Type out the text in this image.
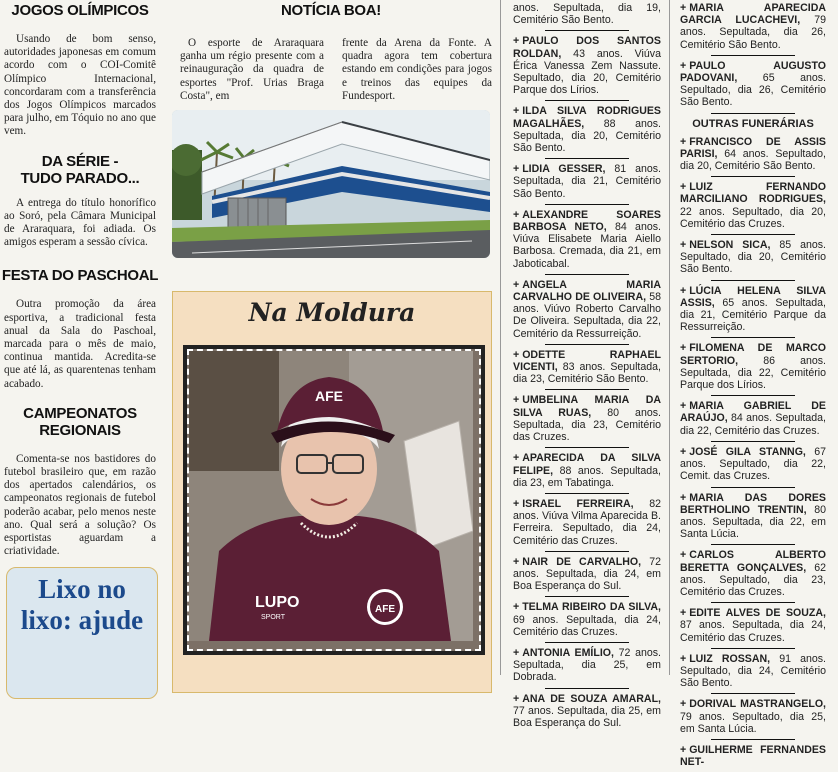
JOGOS OLÍMPICOS

Usando de bom senso, autoridades japonesas em comum acordo com o COI-Comitê Olímpico Internacional, concordaram com a transferência dos Jogos Olímpicos marcados para julho, em Tóquio no ano que vem.

DA SÉRIE -
TUDO PARADO...

A entrega do título honorífico ao Soró, pela Câmara Municipal de Araraquara, foi adiada. Os amigos esperam a sessão cívica.

FESTA DO PASCHOAL

Outra promoção da área esportiva, a tradicional festa anual da Sala do Paschoal, marcada para o mês de maio, continua mantida. Acredita-se que até lá, as quarentenas tenham acabado.

CAMPEONATOS
REGIONAIS

Comenta-se nos bastidores do futebol brasileiro que, em razão dos apertados calendários, os campeonatos regionais de futebol poderão acabar, pelo menos neste ano. Qual será a solução? Os esportistas aguardam a criatividade.

Lixo no
lixo: ajude
NOTÍCIA BOA!

O esporte de Araraquara ganha um régio presente com a reinauguração da quadra de esportes "Prof. Urias Braga Costa", em

frente da Arena da Fonte. A quadra agora tem cobertura estando em condições para jogos e treinos das equipes da Fundesport.

Na Moldura
AFE
LUPO
SPORT
AFE

anos. Sepultada, dia 19, Cemitério São Bento.

+ PAULO DOS SANTOS ROLDAN, 43 anos. Viúva Érica Vanessa Zem Nassute. Sepultado, dia 20, Cemitério Parque dos Lírios.

+ ILDA SILVA RODRIGUES MAGALHÃES, 88 anos. Sepultada, dia 20, Cemitério São Bento.

+ LIDIA GESSER, 81 anos. Sepultada, dia 21, Cemitério São Bento.

+ ALEXANDRE SOARES BARBOSA NETO, 84 anos. Viúva Elisabete Maria Aiello Barbosa. Cremada, dia 21, em Jaboticabal.

+ ANGELA MARIA CARVALHO DE OLIVEIRA, 58 anos. Viúvo Roberto Carvalho De Oliveira. Sepultada, dia 22, Cemitério da Ressurreição.

+ ODETTE RAPHAEL VICENTI, 83 anos. Sepultada, dia 23, Cemitério São Bento.

+ UMBELINA MARIA DA SILVA RUAS, 80 anos. Sepultada, dia 23, Cemitério das Cruzes.

+ APARECIDA DA SILVA FELIPE, 88 anos. Sepultada, dia 23, em Tabatinga.

+ ISRAEL FERREIRA, 82 anos. Viúva Vilma Aparecida B. Ferreira. Sepultado, dia 24, Cemitério das Cruzes.

+ NAIR DE CARVALHO, 72 anos. Sepultada, dia 24, em Boa Esperança do Sul.

+ TELMA RIBEIRO DA SILVA, 69 anos. Sepultada, dia 24, Cemitério das Cruzes.

+ ANTONIA EMÍLIO, 72 anos. Sepultada, dia 25, em Dobrada.

+ ANA DE SOUZA AMARAL, 77 anos. Sepultada, dia 25, em Boa Esperança do Sul.

+ MARIA APARECIDA GARCIA LUCACHEVI, 79 anos. Sepultada, dia 26, Cemitério São Bento.

+ PAULO AUGUSTO PADOVANI, 65 anos. Sepultado, dia 26, Cemitério São Bento.

OUTRAS FUNERÁRIAS

+ FRANCISCO DE ASSIS PARISI, 64 anos. Sepultado, dia 20, Cemitério São Bento.

+ LUIZ FERNANDO MARCILIANO RODRIGUES, 22 anos. Sepultado, dia 20, Cemitério das Cruzes.

+ NELSON SICA, 85 anos. Sepultado, dia 20, Cemitério São Bento.

+ LÚCIA HELENA SILVA ASSIS, 65 anos. Sepultada, dia 21, Cemitério Parque da Ressurreição.

+ FILOMENA DE MARCO SERTORIO, 86 anos. Sepultada, dia 22, Cemitério Parque dos Lírios.

+ MARIA GABRIEL DE ARAÚJO, 84 anos. Sepultada, dia 22, Cemitério das Cruzes.

+ JOSÉ GILA STANNG, 67 anos. Sepultado, dia 22, Cemit. das Cruzes.

+ MARIA DAS DORES BERTHOLINO TRENTIN, 80 anos. Sepultada, dia 22, em Santa Lúcia.

+ CARLOS ALBERTO BERETTA GONÇALVES, 62 anos. Sepultado, dia 23, Cemitério das Cruzes.

+ EDITE ALVES DE SOUZA, 87 anos. Sepultada, dia 24, Cemitério das Cruzes.

+ LUIZ ROSSAN, 91 anos. Sepultado, dia 24, Cemitério São Bento.

+ DORIVAL MASTRANGELO, 79 anos. Sepultado, dia 25, em Santa Lúcia.

+ GUILHERME FERNANDES NET-
